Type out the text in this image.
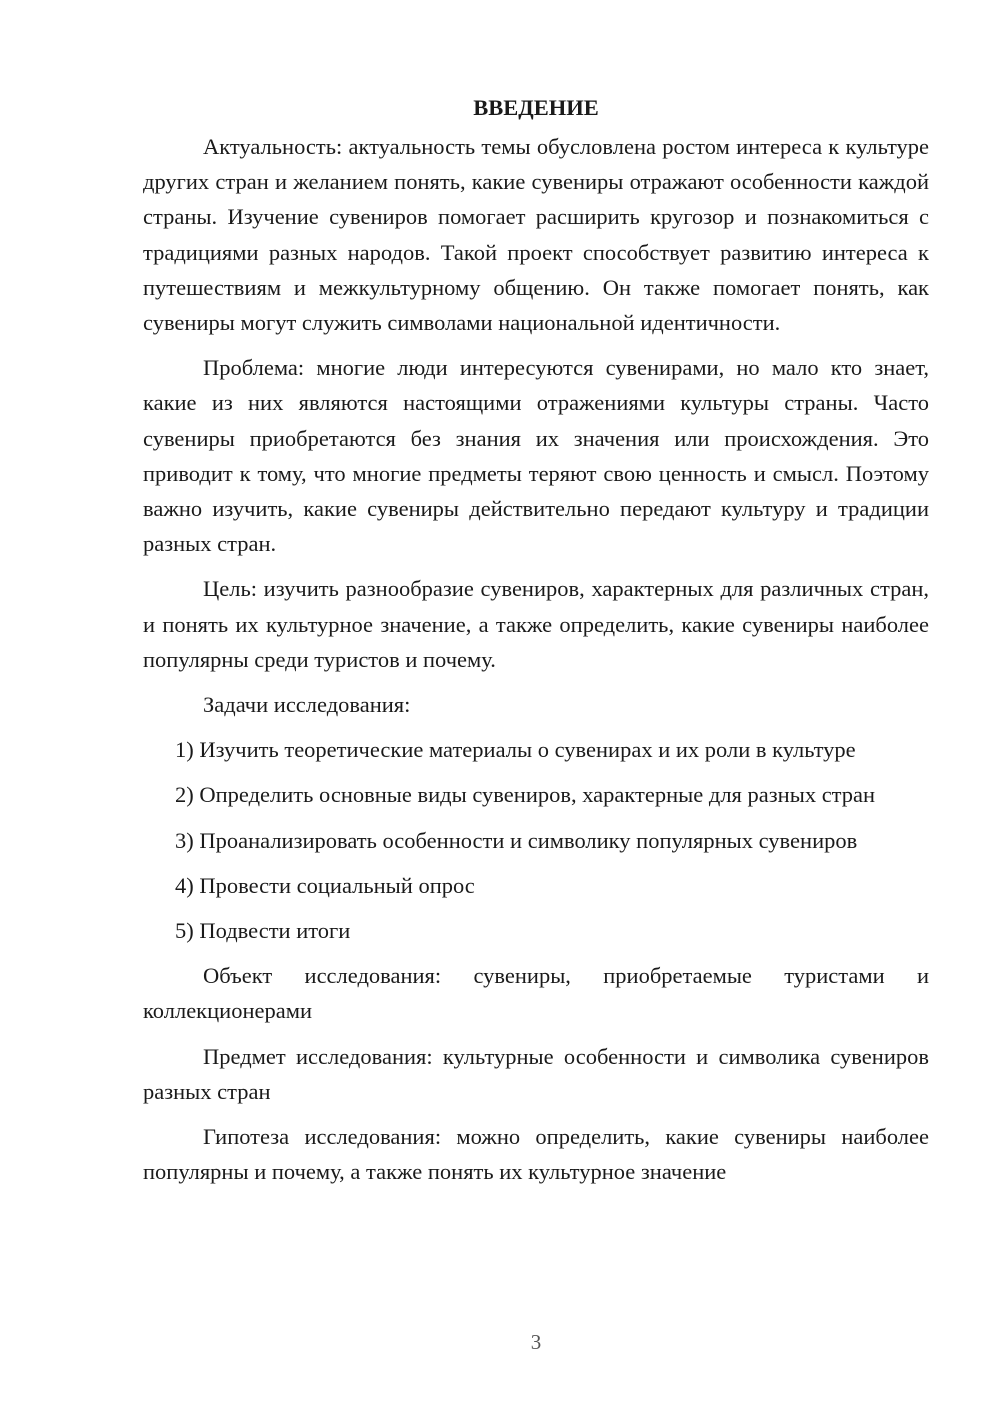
ВВЕДЕНИЕ

Актуальность: актуальность темы обусловлена ростом интереса к культуре других стран и желанием понять, какие сувениры отражают особенности каждой страны. Изучение сувениров помогает расширить кругозор и познакомиться с традициями разных народов. Такой проект способствует развитию интереса к путешествиям и межкультурному общению. Он также помогает понять, как сувениры могут служить символами национальной идентичности.

Проблема: многие люди интересуются сувенирами, но мало кто знает, какие из них являются настоящими отражениями культуры страны. Часто сувениры приобретаются без знания их значения или происхождения. Это приводит к тому, что многие предметы теряют свою ценность и смысл. Поэтому важно изучить, какие сувениры действительно передают культуру и традиции разных стран.

Цель: изучить разнообразие сувениров, характерных для различных стран, и понять их культурное значение, а также определить, какие сувениры наиболее популярны среди туристов и почему.

Задачи исследования:

1) Изучить теоретические материалы о сувенирах и их роли в культуре

2) Определить основные виды сувениров, характерные для разных стран

3) Проанализировать особенности и символику популярных сувениров

4) Провести социальный опрос

5) Подвести итоги

Объект исследования: сувениры, приобретаемые туристами и коллекционерами

Предмет исследования: культурные особенности и символика сувениров разных стран

Гипотеза исследования: можно определить, какие сувениры наиболее популярны и почему, а также понять их культурное значение

3
